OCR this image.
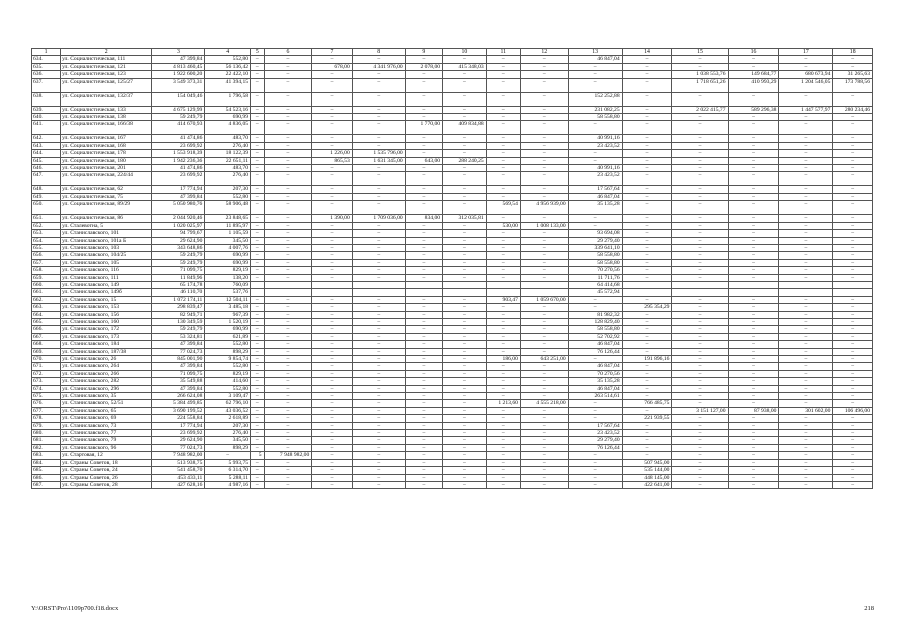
1	2	3	4	5	6	7	8	9	10	11	12	13	14	15	16	17	18
634.	ул. Социалистическая, 111	47 399,84	552,80	–	–	–	–	–	–	–	–	46 847,04	–	–	–	–	–
635.	ул. Социалистическая, 121	4 813 460,45	56 136,42	–	–	678,00	4 341 976,00	2 078,00	415 348,03	–	–	–	–	–	–	–	–
636.	ул. Социалистическая, 123	1 922 600,20	22 422,10	–	–	–	–	–	–	–	–	–	–	1 038 553,76	149 684,77	680 673,94	31 265,63
637.	ул. Социалистическая, 125/27	3 549 373,31	41 394,15	–	–	–	–	–	–	–	–	–	–	1 718 651,26	410 993,29	1 204 546,05	173 788,56
638.	ул. Социалистическая, 132/37	154 049,46	1 796,58	–	–	–	–	–	–	–	–	152 252,88	–	–	–	–	–
639.	ул. Социалистическая, 133	4 675 129,99	54 523,16	–	–	–	–	–	–	–	–	231 082,25	–	2 022 415,77	589 296,38	1 447 577,97	280 234,46
640.	ул. Социалистическая, 138	59 249,79	690,99	–	–	–	–	–	–	–	–	58 558,80	–	–	–	–	–
641.	ул. Социалистическая, 166/38	414 670,93	4 836,05	–	–	–	–	1 770,00	409 834,88	–	–	–	–	–	–	–	–
642.	ул. Социалистическая, 167	41 474,86	483,70	–	–	–	–	–	–	–	–	40 991,16	–	–	–	–	–
643.	ул. Социалистическая, 168	23 699,92	276,40	–	–	–	–	–	–	–	–	23 423,52	–	–	–	–	–
644.	ул. Социалистическая, 178	1 553 918,39	18 122,39	–	–	1 226,00	1 535 796,00	–	–	–	–	–	–	–	–	–	–
645.	ул. Социалистическая, 180	1 942 236,36	22 651,11	–	–	865,53	1 631 345,00	643,00	288 240,25	–	–	–	–	–	–	–	–
646.	ул. Социалистическая, 201	41 474,86	483,70	–	–	–	–	–	–	–	–	40 991,16	–	–	–	–	–
647.	ул. Социалистическая, 224/44	23 699,92	276,40	–	–	–	–	–	–	–	–	23 423,52	–	–	–	–	–
648.	ул. Социалистическая, 62	17 774,94	207,30	–	–	–	–	–	–	–	–	17 567,64	–	–	–	–	–
649.	ул. Социалистическая, 75	47 399,84	552,80	–	–	–	–	–	–	–	–	46 847,04	–	–	–	–	–
650.	ул. Социалистическая, 89/29	5 050 980,76	58 906,48	–	–	–	–	–	–	569,54	4 956 939,00	35 135,28	–	–	–	–	–
651.	ул. Социалистическая, 86	2 044 920,46	23 848,65	–	–	1 390,00	1 709 036,00	834,00	312 035,81	–	–	–	–	–	–	–	–
652.	ул. Сталевотна, 5	1 020 025,97	11 895,97	–	–	–	–	–	–	530,00	1 008 133,00	–	–	–	–	–	–
653.	ул. Станиславского, 101	94 799,67	1 105,59	–	–	–	–	–	–	–	–	93 694,08	–	–	–	–	–
654.	ул. Станиславского, 101а Б	29 624,90	345,50	–	–	–	–	–	–	–	–	29 279,40	–	–	–	–	–
655.	ул. Станиславского, 103	343 648,86	4 007,76	–	–	–	–	–	–	–	–	339 641,10	–	–	–	–	–
656.	ул. Станиславского, 104/25	59 249,79	690,99	–	–	–	–	–	–	–	–	58 558,80	–	–	–	–	–
657.	ул. Станиславского, 105	59 249,79	690,99	–	–	–	–	–	–	–	–	58 558,80	–	–	–	–	–
658.	ул. Станиславского, 116	71 099,75	829,19	–	–	–	–	–	–	–	–	70 270,56	–	–	–	–	–
659.	ул. Станиславского, 111	11 849,96	138,20	–	–	–	–	–	–	–	–	11 711,76	–	–	–	–	–
660.	ул. Станиславского, 149	65 174,78	760,09									64 414,68					
661.	ул. Станиславского, 149б	46 110,70	537,76									45 572,94					
662.	ул. Станиславского, 15	1 072 174,11	12 504,11	–	–	–	–	–	–	903,47	1 059 670,00	–	–	–	–	–	–
663.	ул. Станиславского, 153	298 839,47	3 485,18	–	–	–	–	–	–	–	–	–	295 354,29	–	–	–	–
664.	ул. Станиславского, 156	82 949,71	967,39	–	–	–	–	–	–	–	–	81 982,32	–	–	–	–	–
665.	ул. Станиславского, 160	130 349,59	1 520,19	–	–	–	–	–	–	–	–	128 829,40	–	–	–	–	–
666.	ул. Станиславского, 172	59 249,79	690,99	–	–	–	–	–	–	–	–	58 558,80	–	–	–	–	–
667.	ул. Станиславского, 173	53 324,81	621,89	–	–	–	–	–	–	–	–	52 702,92	–	–	–	–	–
668.	ул. Станиславского, 184	47 399,84	552,80	–	–	–	–	–	–	–	–	46 847,04	–	–	–	–	–
669.	ул. Станиславского, 187/38	77 024,73	898,29	–	–	–	–	–	–	–	–	76 126,44	–	–	–	–	–
670.	ул. Станиславского, 26	845 001,90	9 854,74	–	–	–	–	–	–	186,00	643 251,00	–	191 896,16	–	–	–	–
671.	ул. Станиславского, 264	47 399,84	552,80	–	–	–	–	–	–	–	–	46 847,04	–	–	–	–	–
672.	ул. Станиславского, 266	71 099,75	829,19	–	–	–	–	–	–	–	–	70 270,56	–	–	–	–	–
673.	ул. Станиславского, 282	35 549,88	414,60	–	–	–	–	–	–	–	–	35 135,28	–	–	–	–	–
674.	ул. Станиславского, 296	47 399,84	552,80	–	–	–	–	–	–	–	–	46 847,04	–	–	–	–	–
675.	ул. Станиславского, 35	266 624,08	3 109,47	–	–	–	–	–	–	–	–	263 514,61	–	–	–	–	–
676.	ул. Станиславского, 52/51	5 384 499,85	62 796,10	–	–	–	–	–	–	1 213,60	4 555 218,00	–	766 485,75	–	–	–	–
677.	ул. Станиславского, 65	3 690 199,52	43 036,52	–	–	–	–	–	–	–	–	–	–	3 151 127,00	87 938,00	301 602,00	106 496,00
678.	ул. Станиславского, 69	224 558,84	2 618,89	–	–	–	–	–	–	–	–	–	221 939,55	–	–	–	–
679.	ул. Станиславского, 73	17 774,94	207,30	–	–	–	–	–	–	–	–	17 567,64	–	–	–	–	–
680.	ул. Станиславского, 77	23 699,92	276,40	–	–	–	–	–	–	–	–	23 423,52	–	–	–	–	–
681.	ул. Станиславского, 79	29 624,90	345,50	–	–	–	–	–	–	–	–	29 279,40	–	–	–	–	–
682.	ул. Станиславского, 96	77 024,73	898,29	–	–	–	–	–	–	–	–	76 126,44	–	–	–	–	–
683.	ул. Стартовая, 12	7 948 982,00	–	5	7 948 982,00	–	–	–	–	–	–	–	–	–	–	–	–
684.	ул. Страны Советов, 18	513 938,75	5 993,75	–	–	–	–	–	–	–	–	–	507 945,00	–	–	–	–
685.	ул. Страны Советов, 24	541 458,70	6 314,70	–	–	–	–	–	–	–	–	–	535 144,00	–	–	–	–
686.	ул. Страны Советов, 26	453 433,11	5 288,11	–	–	–	–	–	–	–	–	–	448 145,00	–	–	–	–
687.	ул. Страны Советов, 28	427 628,16	4 987,16	–	–	–	–	–	–	–	–	–	422 641,00	–	–	–	–
Y:\ORST\Pro\1109p700.f18.docx	218
